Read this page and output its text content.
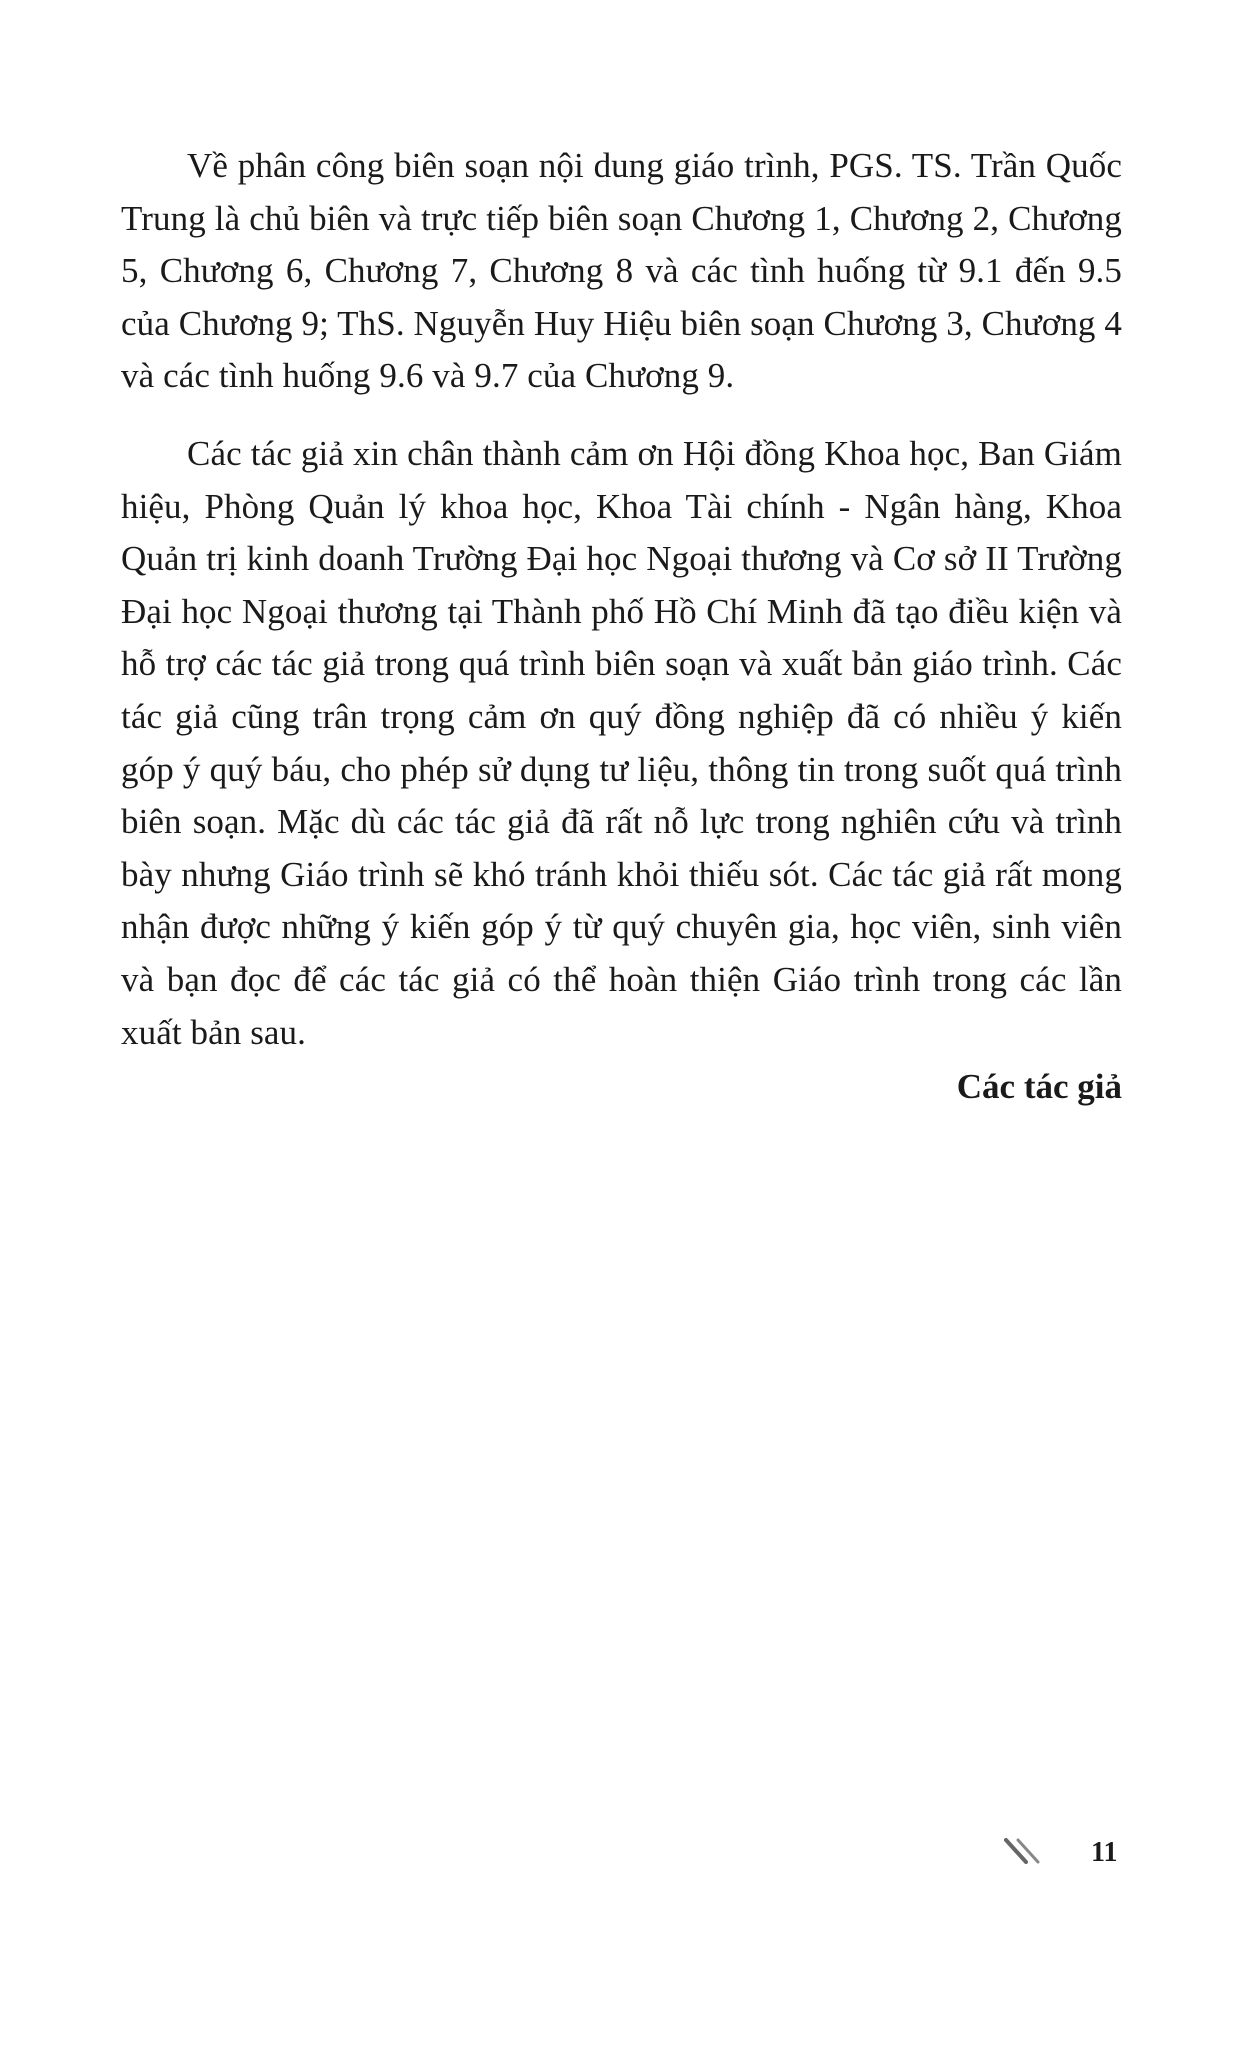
Về phân công biên soạn nội dung giáo trình, PGS. TS. Trần Quốc Trung là chủ biên và trực tiếp biên soạn Chương 1, Chương 2, Chương 5, Chương 6, Chương 7, Chương 8 và các tình huống từ 9.1 đến 9.5 của Chương 9; ThS. Nguyễn Huy Hiệu biên soạn Chương 3, Chương 4 và các tình huống 9.6 và 9.7 của Chương 9.

Các tác giả xin chân thành cảm ơn Hội đồng Khoa học, Ban Giám hiệu, Phòng Quản lý khoa học, Khoa Tài chính - Ngân hàng, Khoa Quản trị kinh doanh Trường Đại học Ngoại thương và Cơ sở II Trường Đại học Ngoại thương tại Thành phố Hồ Chí Minh đã tạo điều kiện và hỗ trợ các tác giả trong quá trình biên soạn và xuất bản giáo trình. Các tác giả cũng trân trọng cảm ơn quý đồng nghiệp đã có nhiều ý kiến góp ý quý báu, cho phép sử dụng tư liệu, thông tin trong suốt quá trình biên soạn. Mặc dù các tác giả đã rất nỗ lực trong nghiên cứu và trình bày nhưng Giáo trình sẽ khó tránh khỏi thiếu sót. Các tác giả rất mong nhận được những ý kiến góp ý từ quý chuyên gia, học viên, sinh viên và bạn đọc để các tác giả có thể hoàn thiện Giáo trình trong các lần xuất bản sau.

Các tác giả
11
